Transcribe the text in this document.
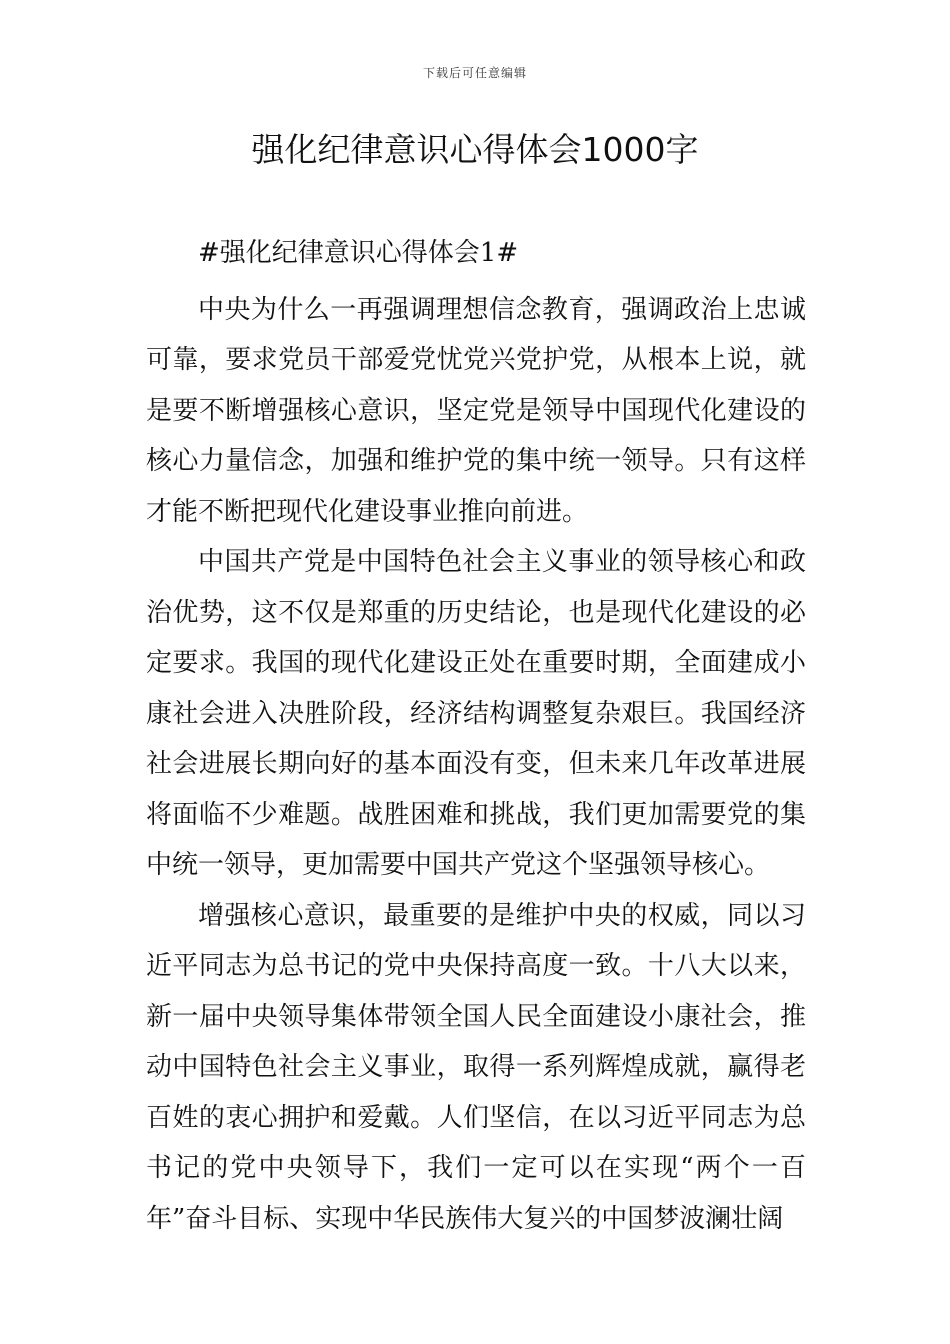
下载后可任意编辑
强化纪律意识心得体会1000字

#强化纪律意识心得体会1#

中央为什么一再强调理想信念教育，强调政治上忠诚可靠，要求党员干部爱党忧党兴党护党，从根本上说，就是要不断增强核心意识，坚定党是领导中国现代化建设的核心力量信念，加强和维护党的集中统一领导。只有这样才能不断把现代化建设事业推向前进。

中国共产党是中国特色社会主义事业的领导核心和政治优势，这不仅是郑重的历史结论，也是现代化建设的必定要求。我国的现代化建设正处在重要时期，全面建成小康社会进入决胜阶段，经济结构调整复杂艰巨。我国经济社会进展长期向好的基本面没有变，但未来几年改革进展将面临不少难题。战胜困难和挑战，我们更加需要党的集中统一领导，更加需要中国共产党这个坚强领导核心。

增强核心意识，最重要的是维护中央的权威，同以习近平同志为总书记的党中央保持高度一致。十八大以来，新一届中央领导集体带领全国人民全面建设小康社会，推动中国特色社会主义事业，取得一系列辉煌成就，赢得老百姓的衷心拥护和爱戴。人们坚信，在以习近平同志为总书记的党中央领导下，我们一定可以在实现“两个一百年”奋斗目标、实现中华民族伟大复兴的中国梦波澜壮阔
